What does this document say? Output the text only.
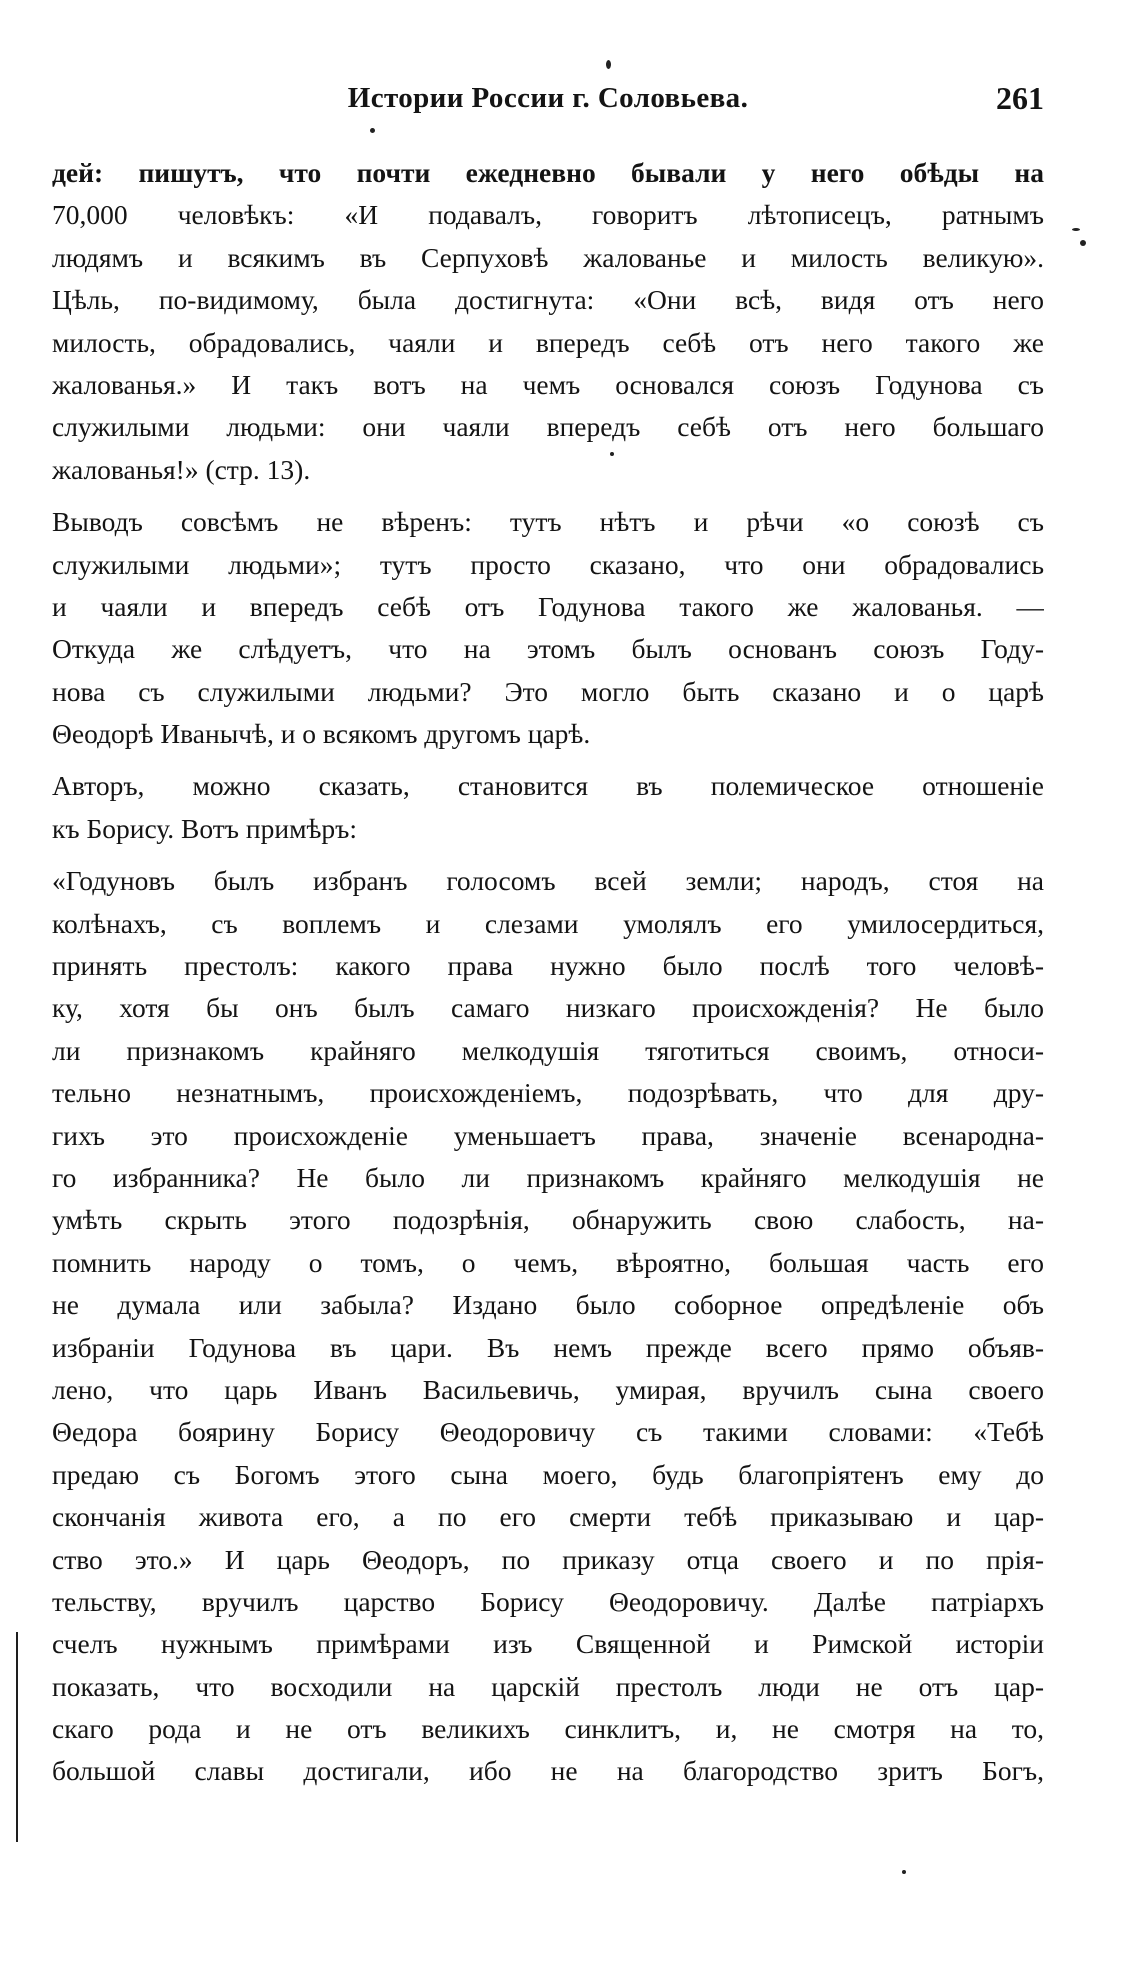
Истории России г. Соловьева.	261
дей: пишутъ, что почти ежедневно бывали у него обѣды на
70,000 человѣкъ: «И подавалъ, говоритъ лѣтописецъ, ратнымъ
людямъ и всякимъ въ Серпуховѣ жалованье и милость великую».
Цѣль, по-видимому, была достигнута: «Они всѣ, видя отъ него
милость, обрадовались, чаяли и впередъ себѣ отъ него такого же
жалованья.» И такъ вотъ на чемъ основался союзъ Годунова съ
служилыми людьми: они чаяли впередъ себѣ отъ него большаго
жалованья!» (стр. 13).
Выводъ совсѣмъ не вѣренъ: тутъ нѣтъ и рѣчи «о союзѣ съ
служилыми людьми»; тутъ просто сказано, что они обрадовались
и чаяли и впередъ себѣ отъ Годунова такого же жалованья. —
Откуда же слѣдуетъ, что на этомъ былъ основанъ союзъ Году-
нова съ служилыми людьми? Это могло быть сказано и о царѣ
Θеодорѣ Иванычѣ, и о всякомъ другомъ царѣ.
Авторъ, можно сказать, становится въ полемическое отношеніе
къ Борису. Вотъ примѣръ:
«Годуновъ былъ избранъ голосомъ всей земли; народъ, стоя на
колѣнахъ, съ воплемъ и слезами умолялъ его умилосердиться,
принять престолъ: какого права нужно было послѣ того человѣ-
ку, хотя бы онъ былъ самаго низкаго происхожденія? Не было
ли признакомъ крайняго мелкодушія тяготиться своимъ, относи-
тельно незнатнымъ, происхожденіемъ, подозрѣвать, что для дру-
гихъ это происхожденіе уменьшаетъ права, значеніе всенародна-
го избранника? Не было ли признакомъ крайняго мелкодушія не
умѣть скрыть этого подозрѣнія, обнаружить свою слабость, на-
помнить народу о томъ, о чемъ, вѣроятно, большая часть его
не думала или забыла? Издано было соборное опредѣленіе объ
избраніи Годунова въ цари. Въ немъ прежде всего прямо объяв-
лено, что царь Иванъ Васильевичь, умирая, вручилъ сына своего
Θедора боярину Борису Θеодоровичу съ такими словами: «Тебѣ
предаю съ Богомъ этого сына моего, будь благопріятенъ ему до
скончанія живота его, а по его смерти тебѣ приказываю и цар-
ство это.» И царь Θеодоръ, по приказу отца своего и по прія-
тельству, вручилъ царство Борису Θеодоровичу. Далѣе патріархъ
счелъ нужнымъ примѣрами изъ Священной и Римской исторіи
показать, что восходили на царскій престолъ люди не отъ цар-
скаго рода и не отъ великихъ синклитъ, и, не смотря на то,
большой славы достигали, ибо не на благородство зритъ Богъ,
